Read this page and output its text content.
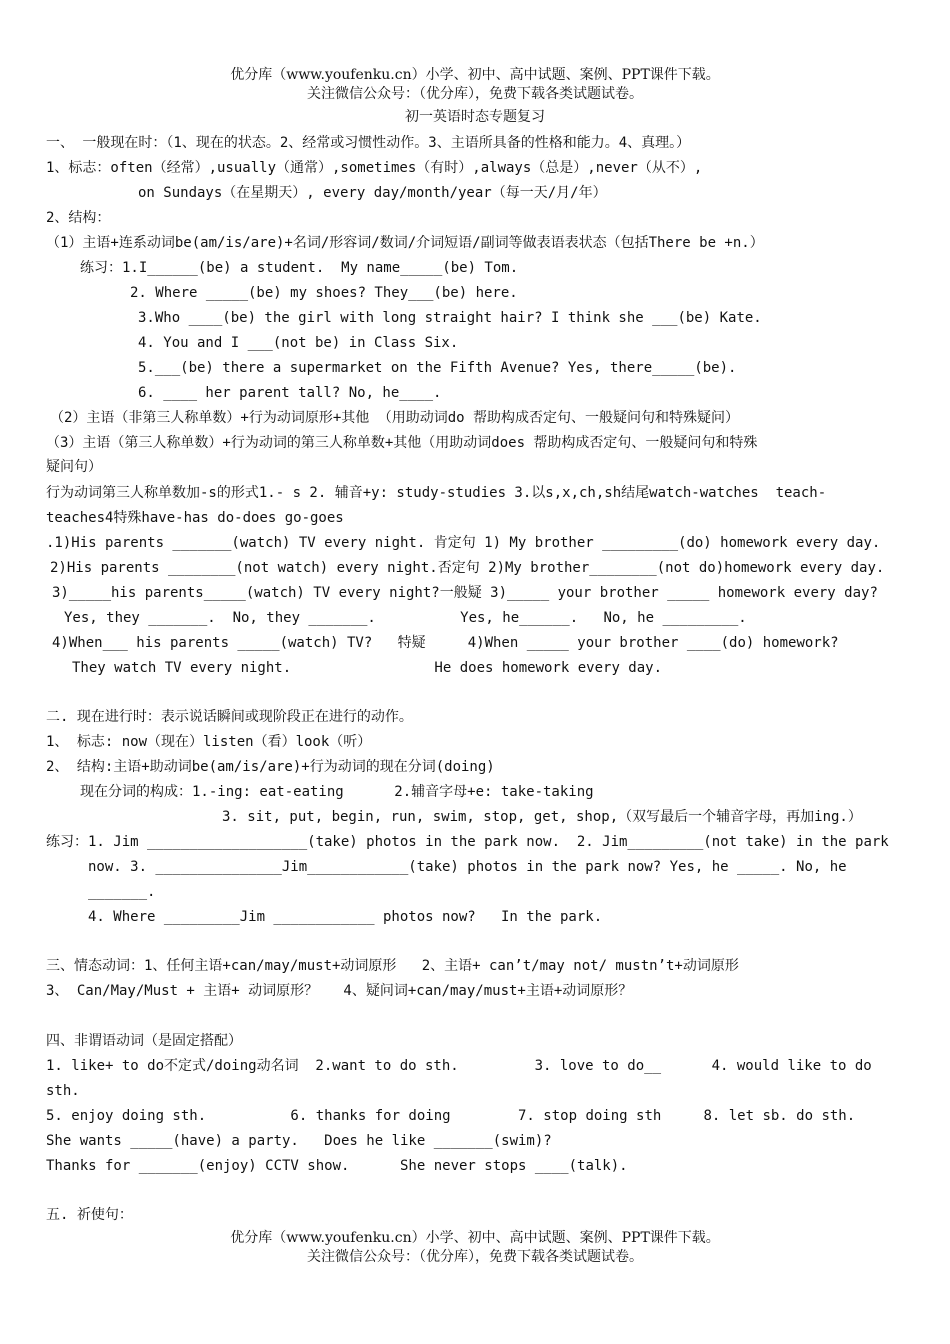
优分库（www.youfenku.cn）小学、初中、高中试题、案例、PPT课件下载。
关注微信公众号：（优分库），免费下载各类试题试卷。
初一英语时态专题复习
一、 一般现在时：（1、现在的状态。2、经常或习惯性动作。3、主语所具备的性格和能力。4、真理。）
1、标志：often（经常）,usually（通常）,sometimes（有时）,always（总是）,never（从不）,
on Sundays（在星期天）, every day/month/year（每一天/月/年）
2、结构：
（1）主语+连系动词be(am/is/are)+名词/形容词/数词/介词短语/副词等做表语表状态（包括There be +n.）
练习：1.I______(be) a student.  My name_____(be) Tom.
2. Where _____(be) my shoes? They___(be) here.
3.Who ____(be) the girl with long straight hair? I think she ___(be) Kate.
4. You and I ___(not be) in Class Six.
5.___(be) there a supermarket on the Fifth Avenue? Yes, there_____(be).
6. ____ her parent tall? No, he____.
（2）主语（非第三人称单数）+行为动词原形+其他 （用助动词do 帮助构成否定句、一般疑问句和特殊疑问）
（3）主语（第三人称单数）+行为动词的第三人称单数+其他（用助动词does 帮助构成否定句、一般疑问句和特殊
疑问句）
行为动词第三人称单数加-s的形式1.- s 2. 辅音+y: study-studies 3.以s,x,ch,sh结尾watch-watches  teach-
teaches4特殊have-has do-does go-goes
.1)His parents _______(watch) TV every night. 肯定句 1) My brother _________(do) homework every day.
2)His parents ________(not watch) every night.否定句 2)My brother________(not do)homework every day.
3)_____his parents_____(watch) TV every night?一般疑 3)_____ your brother _____ homework every day?
Yes, they _______.  No, they _______.          Yes, he______.   No, he _________.
4)When___ his parents _____(watch) TV?   特疑     4)When _____ your brother ____(do) homework?
They watch TV every night.                 He does homework every day.
二. 现在进行时：表示说话瞬间或现阶段正在进行的动作。
1、 标志: now（现在）listen（看）look（听）
2、 结构:主语+助动词be(am/is/are)+行为动词的现在分词(doing)
现在分词的构成：1.-ing: eat-eating      2.辅音字母+e: take-taking
3. sit, put, begin, run, swim, stop, get, shop,（双写最后一个辅音字母，再加ing.）
练习：1. Jim ___________________(take) photos in the park now.  2. Jim_________(not take) in the park
now. 3. _______________Jim____________(take) photos in the park now? Yes, he _____. No, he
_______.
4. Where _________Jim ____________ photos now?   In the park.
三、情态动词：1、任何主语+can/may/must+动词原形   2、主语+ can’t/may not/ mustn’t+动词原形
3、 Can/May/Must + 主语+ 动词原形？   4、疑问词+can/may/must+主语+动词原形？
四、非谓语动词（是固定搭配）
1. like+ to do不定式/doing动名词  2.want to do sth.         3. love to do__      4. would like to do
sth.
5. enjoy doing sth.          6. thanks for doing        7. stop doing sth     8. let sb. do sth.
She wants _____(have) a party.   Does he like _______(swim)?
Thanks for _______(enjoy) CCTV show.      She never stops ____(talk).
五. 祈使句：
优分库（www.youfenku.cn）小学、初中、高中试题、案例、PPT课件下载。
关注微信公众号：（优分库），免费下载各类试题试卷。
